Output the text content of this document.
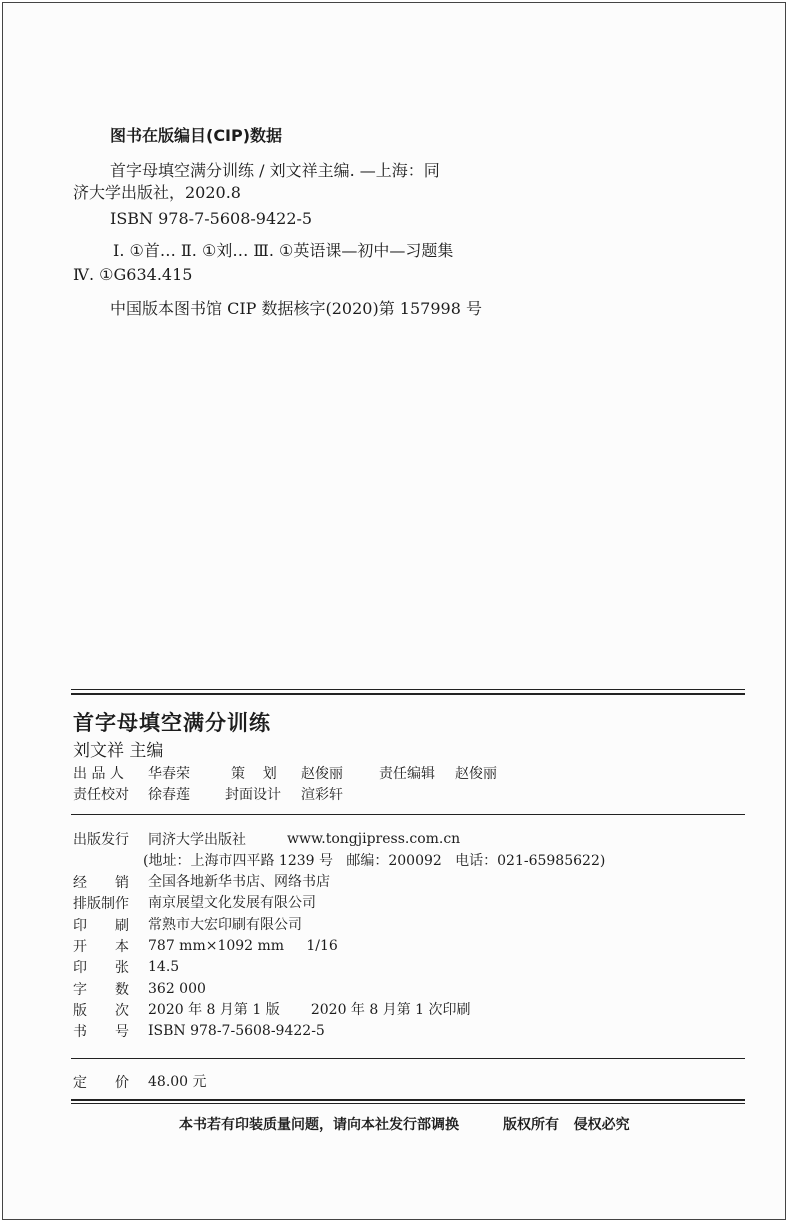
图书在版编目(CIP)数据
首字母填空满分训练 / 刘文祥主编. —上海：同
济大学出版社，2020.8
ISBN 978-7-5608-9422-5
Ⅰ. ①首… Ⅱ. ①刘… Ⅲ. ①英语课—初中—习题集
Ⅳ. ①G634.415
中国版本图书馆 CIP 数据核字(2020)第 157998 号
首字母填空满分训练
刘文祥 主编
出 品 人 华春荣	策    划 赵俊丽	责任编辑 赵俊丽
责任校对 徐春莲	封面设计 渲彩轩
出版发行 同济大学出版社	www.tongjipress.com.cn
(地址：上海市四平路 1239 号   邮编：200092   电话：021-65985622)
经销 全国各地新华书店、网络书店
排版制作 南京展望文化发展有限公司
印刷 常熟市大宏印刷有限公司
开本 787 mm×1092 mm     1/16
印张 14.5
字数 362 000
版次 2020 年 8 月第 1 版       2020 年 8 月第 1 次印刷
书号 ISBN 978-7-5608-9422-5
定价 48.00 元
本书若有印装质量问题，请向本社发行部调换	版权所有   侵权必究
